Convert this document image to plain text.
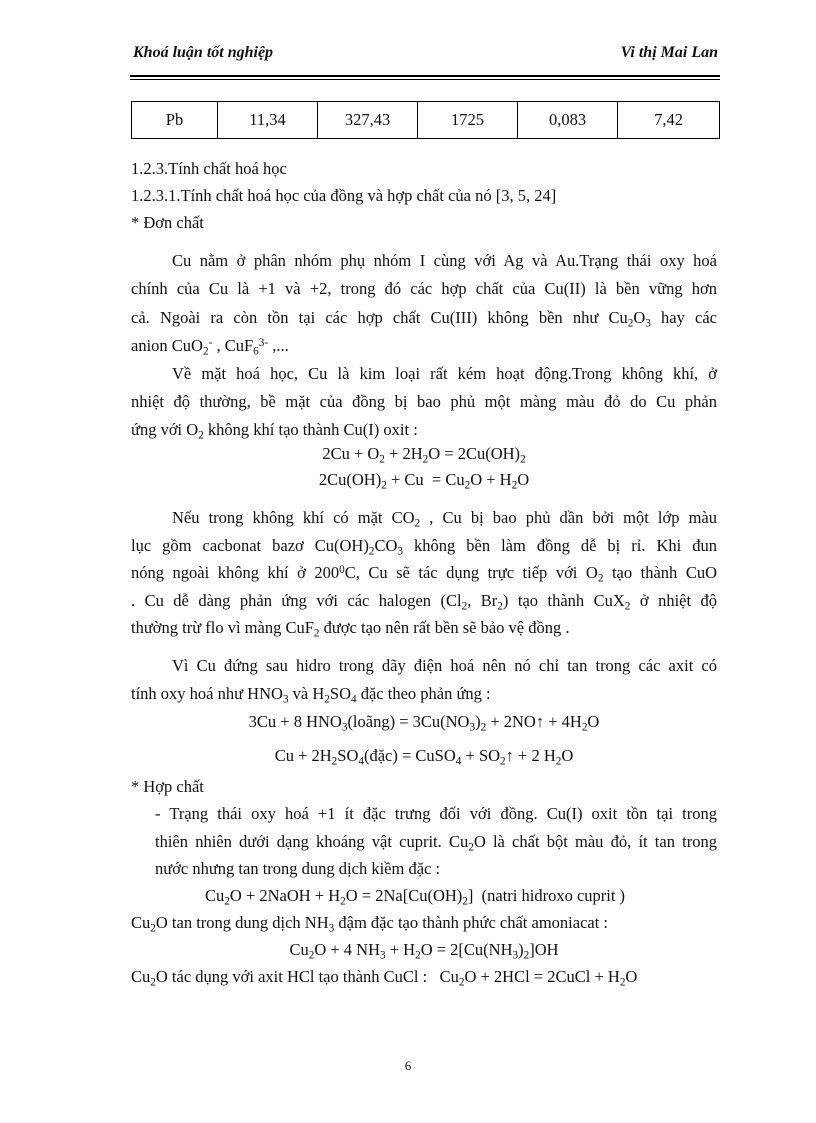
Khoá luận tốt nghiệp	Vi thị Mai Lan
Pb	11,34	327,43	1725	0,083	7,42
1.2.3.Tính chất hoá học
1.2.3.1.Tính chất hoá học của đồng và hợp chất của nó [3, 5, 24]
* Đơn chất
Cu nằm ở phân nhóm phụ nhóm I cùng với Ag và Au.Trạng thái oxy hoá
chính của Cu là +1 và +2, trong đó các hợp chất của Cu(II) là bền vững hơn
cả. Ngoài ra còn tồn tại các hợp chất Cu(III) không bền như $Cu_2O_3$ hay các
anion CuO$_2$- , CuF$_6^{3-}$ ,...
Về mặt hoá học, Cu là kim loại rất kém hoạt động.Trong không khí, ở
nhiệt độ thường, bề mặt của đồng bị bao phủ một màng màu đỏ do Cu phản
ứng với $O_2$ không khí tạo thành Cu(I) oxit :
$2Cu + O_2 + 2H_2O = 2Cu(OH)_2$
$2Cu(OH)_2 + Cu = Cu_2O + H_2O$
Nếu trong không khí có mặt $CO_2$ , Cu bị bao phủ dần bởi một lớp màu
lục gồm cacbonat bazơ $Cu(OH)_2CO_3$ không bền làm đồng dễ bị rỉ. Khi đun
nóng ngoài không khí ở $200^0C$, Cu sẽ tác dụng trực tiếp với $O_2$ tạo thành CuO
. Cu dễ dàng phản ứng với các halogen ($Cl_2$, $Br_2$) tạo thành CuX$_2$ ở nhiệt độ
thường trừ flo vì màng CuF$_2$ được tạo nên rất bền sẽ bảo vệ đồng .
Vì Cu đứng sau hidro trong dãy điện hoá nên nó chỉ tan trong các axit có
tính oxy hoá như $HNO_3$ và $H_2SO_4$ đặc theo phản ứng :
3Cu + 8 $HNO_3(loãng) = 3Cu(NO_3)_2$ + 2NO↑ + $4H_2O$
$Cu + 2H_2SO_4(đặc)$ = CuSO$_4$ + $SO_2↑ + 2$ $H_2O$
* Hợp chất
- Trạng thái oxy hoá +1 ít đặc trưng đối với đồng. Cu(I) oxit tồn tại trong
thiên nhiên dưới dạng khoáng vật cuprit. $Cu_2O$ là chất bột màu đỏ, ít tan trong
nước nhưng tan trong dung dịch kiềm đặc :
$Cu_2O$ + 2NaOH + $H_2O = 2Na[Cu(OH)_2]$  (natri hidroxo cuprit )
$Cu_2O$ tan trong dung dịch $NH_3$ đậm đặc tạo thành phức chất amoniacat :
$Cu_2O + 4$ $NH_3 + H_2O = 2[Cu(NH_3)_2]OH$
$Cu_2O$ tác dụng với axit HCl tạo thành CuCl :   $Cu_2O + 2HCl$ = 2CuCl + $H_2O$
6
